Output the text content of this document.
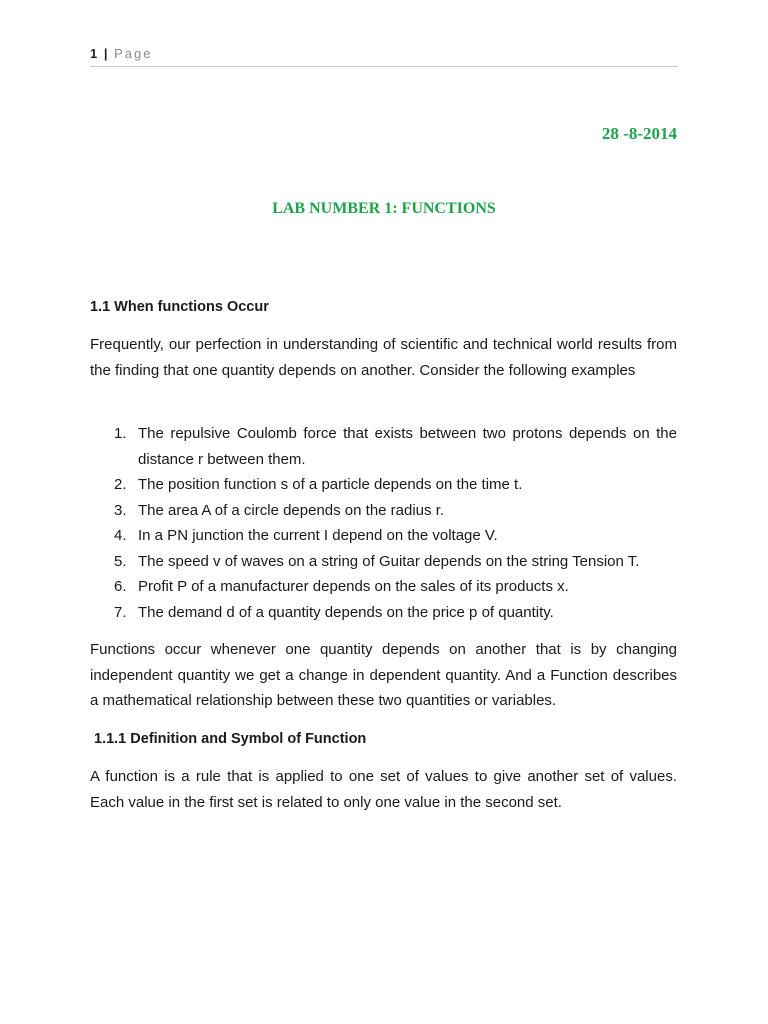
1 | Page
28 -8-2014
LAB NUMBER 1: FUNCTIONS
1.1 When functions Occur

Frequently, our perfection in understanding of scientific and technical world results from the finding that one quantity depends on another. Consider the following examples

1. The repulsive Coulomb force that exists between two protons depends on the distance r between them.
2. The position function s of a particle depends on the time t.
3. The area A of a circle depends on the radius r.
4. In a PN junction the current I depend on the voltage V.
5. The speed v of waves on a string of Guitar depends on the string Tension T.
6. Profit P of a manufacturer depends on the sales of its products x.
7. The demand d of a quantity depends on the price p of quantity.

Functions occur whenever one quantity depends on another that is by changing independent quantity we get a change in dependent quantity. And a Function describes a mathematical relationship between these two quantities or variables.

1.1.1 Definition and Symbol of Function

A function is a rule that is applied to one set of values to give another set of values. Each value in the first set is related to only one value in the second set.
